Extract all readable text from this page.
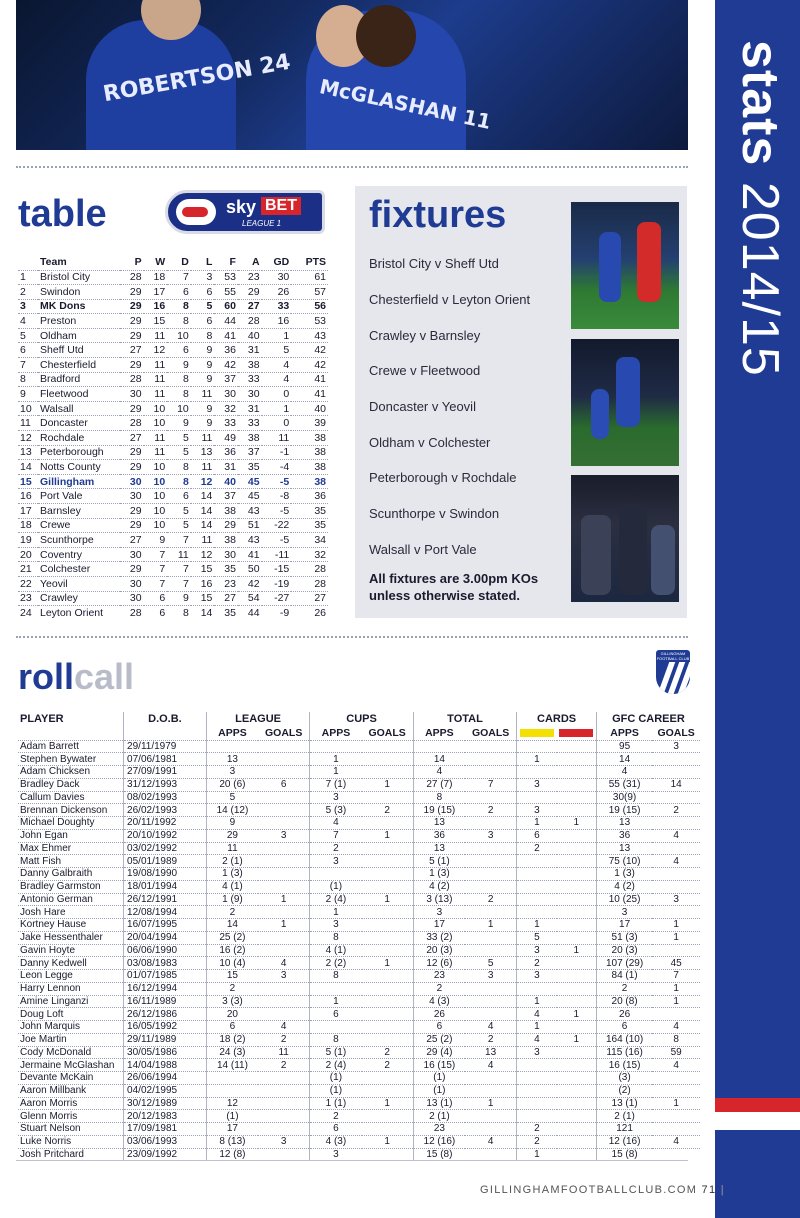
ROBERTSON 24 McGLASHAN 11	stats 2014/15
table	sky BET
LEAGUE 1
	Team	P	W	D	L	F	A	GD	PTS
1	Bristol City	28	18	7	3	53	23	30	61
2	Swindon	29	17	6	6	55	29	26	57
3	MK Dons	29	16	8	5	60	27	33	56
4	Preston	29	15	8	6	44	28	16	53
5	Oldham	29	11	10	8	41	40	1	43
6	Sheff Utd	27	12	6	9	36	31	5	42
7	Chesterfield	29	11	9	9	42	38	4	42
8	Bradford	28	11	8	9	37	33	4	41
9	Fleetwood	30	11	8	11	30	30	0	41
10	Walsall	29	10	10	9	32	31	1	40
11	Doncaster	28	10	9	9	33	33	0	39
12	Rochdale	27	11	5	11	49	38	11	38
13	Peterborough	29	11	5	13	36	37	-1	38
14	Notts County	29	10	8	11	31	35	-4	38
15	Gillingham	30	10	8	12	40	45	-5	38
16	Port Vale	30	10	6	14	37	45	-8	36
17	Barnsley	29	10	5	14	38	43	-5	35
18	Crewe	29	10	5	14	29	51	-22	35
19	Scunthorpe	27	9	7	11	38	43	-5	34
20	Coventry	30	7	11	12	30	41	-11	32
21	Colchester	29	7	7	15	35	50	-15	28
22	Yeovil	30	7	7	16	23	42	-19	28
23	Crawley	30	6	9	15	27	54	-27	27
24	Leyton Orient	28	6	8	14	35	44	-9	26
fixtures
Bristol City v Sheff Utd
Chesterfield v Leyton Orient
Crawley v Barnsley
Crewe v Fleetwood
Doncaster v Yeovil
Oldham v Colchester
Peterborough v Rochdale
Scunthorpe v Swindon
Walsall v Port Vale
All fixtures are 3.00pm KOs
unless otherwise stated.
rollcall
GILLINGHAM FOOTBALL CLUB
PLAYER	D.O.B.	LEAGUE		CUPS		TOTAL		CARDS		GFC CAREER	
		APPS	GOALS	APPS	GOALS	APPS	GOALS			APPS	GOALS
Adam Barrett	29/11/1979									95	3
Stephen Bywater	07/06/1981	13		1		14		1		14	
Adam Chicksen	27/09/1991	3		1		4				4	
Bradley Dack	31/12/1993	20 (6)	6	7 (1)	1	27 (7)	7	3		55 (31)	14
Callum Davies	08/02/1993	5		3		8				30(9)	
Brennan Dickenson	26/02/1993	14 (12)		5 (3)	2	19 (15)	2	3		19 (15)	2
Michael Doughty	20/11/1992	9		4		13		1	1	13	
John Egan	20/10/1992	29	3	7	1	36	3	6		36	4
Max Ehmer	03/02/1992	11		2		13		2		13	
Matt Fish	05/01/1989	2 (1)		3		5 (1)				75 (10)	4
Danny Galbraith	19/08/1990	1 (3)				1 (3)				1 (3)	
Bradley Garmston	18/01/1994	4 (1)		(1)		4 (2)				4 (2)	
Antonio German	26/12/1991	1 (9)	1	2 (4)	1	3 (13)	2			10 (25)	3
Josh Hare	12/08/1994	2		1		3				3	
Kortney Hause	16/07/1995	14	1	3		17	1	1		17	1
Jake Hessenthaler	20/04/1994	25 (2)		8		33 (2)		5		51 (3)	1
Gavin Hoyte	06/06/1990	16 (2)		4 (1)		20 (3)		3	1	20 (3)	
Danny Kedwell	03/08/1983	10 (4)	4	2 (2)	1	12 (6)	5	2		107 (29)	45
Leon Legge	01/07/1985	15	3	8		23	3	3		84 (1)	7
Harry Lennon	16/12/1994	2				2				2	1
Amine Linganzi	16/11/1989	3 (3)		1		4 (3)		1		20 (8)	1
Doug Loft	26/12/1986	20		6		26		4	1	26	
John Marquis	16/05/1992	6	4			6	4	1		6	4
Joe Martin	29/11/1989	18 (2)	2	8		25 (2)	2	4	1	164 (10)	8
Cody McDonald	30/05/1986	24 (3)	11	5 (1)	2	29 (4)	13	3		115 (16)	59
Jermaine McGlashan	14/04/1988	14 (11)	2	2 (4)	2	16 (15)	4			16 (15)	4
Devante McKain	26/06/1994			(1)		(1)				(3)	
Aaron Millbank	04/02/1995			(1)		(1)				(2)	
Aaron Morris	30/12/1989	12		1 (1)	1	13 (1)	1			13 (1)	1
Glenn Morris	20/12/1983	(1)		2		2 (1)				2 (1)	
Stuart Nelson	17/09/1981	17		6		23		2		121	
Luke Norris	03/06/1993	8 (13)	3	4 (3)	1	12 (16)	4	2		12 (16)	4
Josh Pritchard	23/09/1992	12 (8)		3		15 (8)		1		15 (8)	
GILLINGHAMFOOTBALLCLUB.COM 71 | G
